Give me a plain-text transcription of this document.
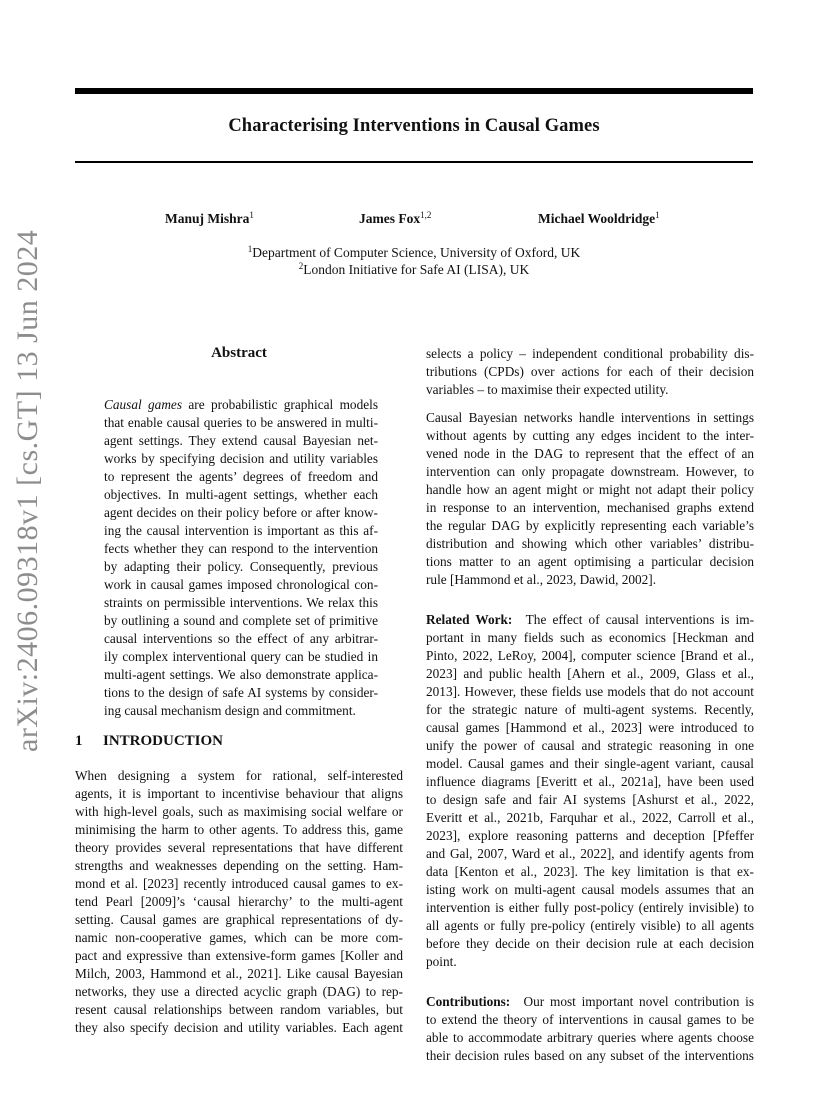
Characterising Interventions in Causal Games
Manuj Mishra$^1$	James Fox$^{1,2}$	Michael Wooldridge$^1$
$^1$Department of Computer Science, University of Oxford, UK
$^2$London Initiative for Safe AI (LISA), UK
arXiv:2406.09318v1 [cs.GT] 13 Jun 2024	Abstract
Causal games are probabilistic graphical models
that enable causal queries to be answered in multi-
agent settings. They extend causal Bayesian net-
works by specifying decision and utility variables
to represent the agents’ degrees of freedom and
objectives. In multi-agent settings, whether each
agent decides on their policy before or after know-
ing the causal intervention is important as this af-
fects whether they can respond to the intervention
by adapting their policy. Consequently, previous
work in causal games imposed chronological con-
straints on permissible interventions. We relax this
by outlining a sound and complete set of primitive
causal interventions so the effect of any arbitrar-
ily complex interventional query can be studied in
multi-agent settings. We also demonstrate applica-
tions to the design of safe AI systems by consider-
ing causal mechanism design and commitment.
1 INTRODUCTION
When designing a system for rational, self-interested
agents, it is important to incentivise behaviour that aligns
with high-level goals, such as maximising social welfare or
minimising the harm to other agents. To address this, game
theory provides several representations that have different
strengths and weaknesses depending on the setting. Ham-
mond et al. [2023] recently introduced causal games to ex-
tend Pearl [2009]’s ‘causal hierarchy’ to the multi-agent
setting. Causal games are graphical representations of dy-
namic non-cooperative games, which can be more com-
pact and expressive than extensive-form games [Koller and
Milch, 2003, Hammond et al., 2021]. Like causal Bayesian
networks, they use a directed acyclic graph (DAG) to rep-
resent causal relationships between random variables, but
they also specify decision and utility variables. Each agent

selects a policy – independent conditional probability dis-
tributions (CPDs) over actions for each of their decision
variables – to maximise their expected utility.

Causal Bayesian networks handle interventions in settings
without agents by cutting any edges incident to the inter-
vened node in the DAG to represent that the effect of an
intervention can only propagate downstream. However, to
handle how an agent might or might not adapt their policy
in response to an intervention, mechanised graphs extend
the regular DAG by explicitly representing each variable’s
distribution and showing which other variables’ distribu-
tions matter to an agent optimising a particular decision
rule [Hammond et al., 2023, Dawid, 2002].

Related Work:  The effect of causal interventions is im-
portant in many fields such as economics [Heckman and
Pinto, 2022, LeRoy, 2004], computer science [Brand et al.,
2023] and public health [Ahern et al., 2009, Glass et al.,
2013]. However, these fields use models that do not account
for the strategic nature of multi-agent systems. Recently,
causal games [Hammond et al., 2023] were introduced to
unify the power of causal and strategic reasoning in one
model. Causal games and their single-agent variant, causal
influence diagrams [Everitt et al., 2021a], have been used
to design safe and fair AI systems [Ashurst et al., 2022,
Everitt et al., 2021b, Farquhar et al., 2022, Carroll et al.,
2023], explore reasoning patterns and deception [Pfeffer
and Gal, 2007, Ward et al., 2022], and identify agents from
data [Kenton et al., 2023]. The key limitation is that ex-
isting work on multi-agent causal models assumes that an
intervention is either fully post-policy (entirely invisible) to
all agents or fully pre-policy (entirely visible) to all agents
before they decide on their decision rule at each decision
point.

Contributions:  Our most important novel contribution is
to extend the theory of interventions in causal games to be
able to accommodate arbitrary queries where agents choose
their decision rules based on any subset of the interventions
